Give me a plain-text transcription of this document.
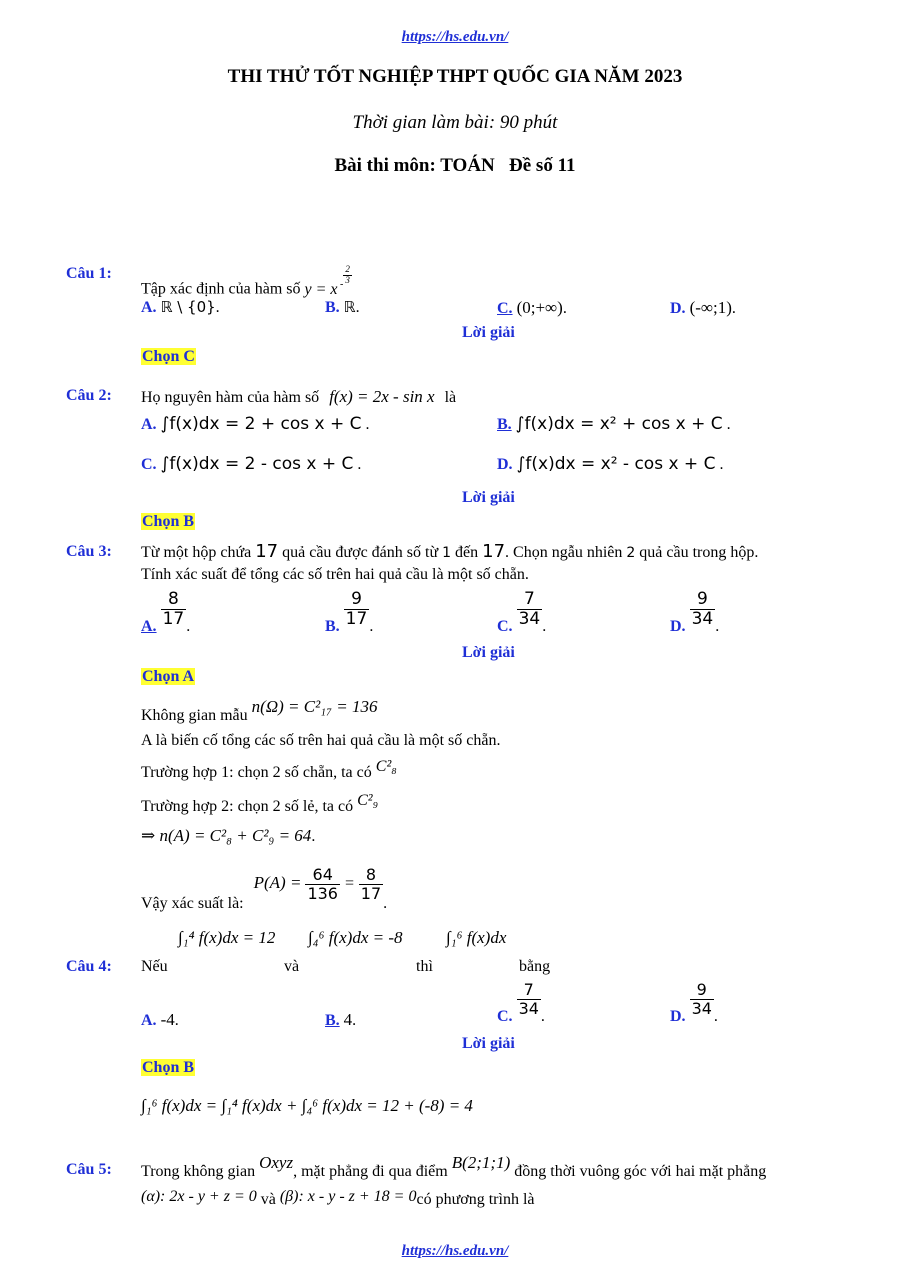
https://hs.edu.vn/
THI THỬ TỐT NGHIỆP THPT QUỐC GIA NĂM 2023
Thời gian làm bài: 90 phút
Bài thi môn: TOÁN   Đề số 11
Câu 1:
Tập xác định của hàm số y = x $^{- \frac{2}{3}}$
A. ℝ \ {0}.	B. ℝ.	C. (0;+∞).	D. (-∞;1).
Lời giải
Chọn C
Câu 2: Họ nguyên hàm của hàm số f(x) = 2x - sin x là
A. ∫f(x)dx = 2 + cos x + C .	B. ∫f(x)dx = x² + cos x + C .
C. ∫f(x)dx = 2 - cos x + C .	D. ∫f(x)dx = x² - cos x + C .
Lời giải
Chọn B
Câu 3: Từ một hộp chứa 17 quả cầu được đánh số từ 1 đến 17. Chọn ngẫu nhiên 2 quả cầu trong hộp.
Tính xác suất để tổng các số trên hai quả cầu là một số chẵn.
A. $\frac{8}{17}$ .	B. $\frac{9}{17}$ .	C. $\frac{7}{34}$ .	D. $\frac{9}{34}$ .
Lời giải
Chọn A
Không gian mẫu n(Ω) = C²₁₇ = 136
A là biến cố tổng các số trên hai quả cầu là một số chẵn.
Trường hợp 1: chọn 2 số chẵn, ta có C²₈
Trường hợp 2: chọn 2 số lẻ, ta có C²₉
⇒ n(A) = C²₈ + C²₉ = 64.
Vậy xác suất là: $P(A) = \frac{64}{136} = \frac{8}{17}$
.
Câu 4: Nếu
∫₁⁴ f(x)dx = 12
và
∫₄⁶ f(x)dx = -8
thì
∫₁⁶ f(x)dx
bằng
A. -4.	B. 4.	C. $\frac{7}{34}$ .	D. $\frac{9}{34}$ .
Lời giải
Chọn B
∫₁⁶ f(x)dx = ∫₁⁴ f(x)dx + ∫₄⁶ f(x)dx = 12 + (-8) = 4
Câu 5: Trong không gian Oxyz, mặt phẳng đi qua điểm B(2;1;1) đồng thời vuông góc với hai mặt phẳng
(α): 2x - y + z = 0 và (β): x - y - z + 18 = 0có phương trình là
https://hs.edu.vn/
